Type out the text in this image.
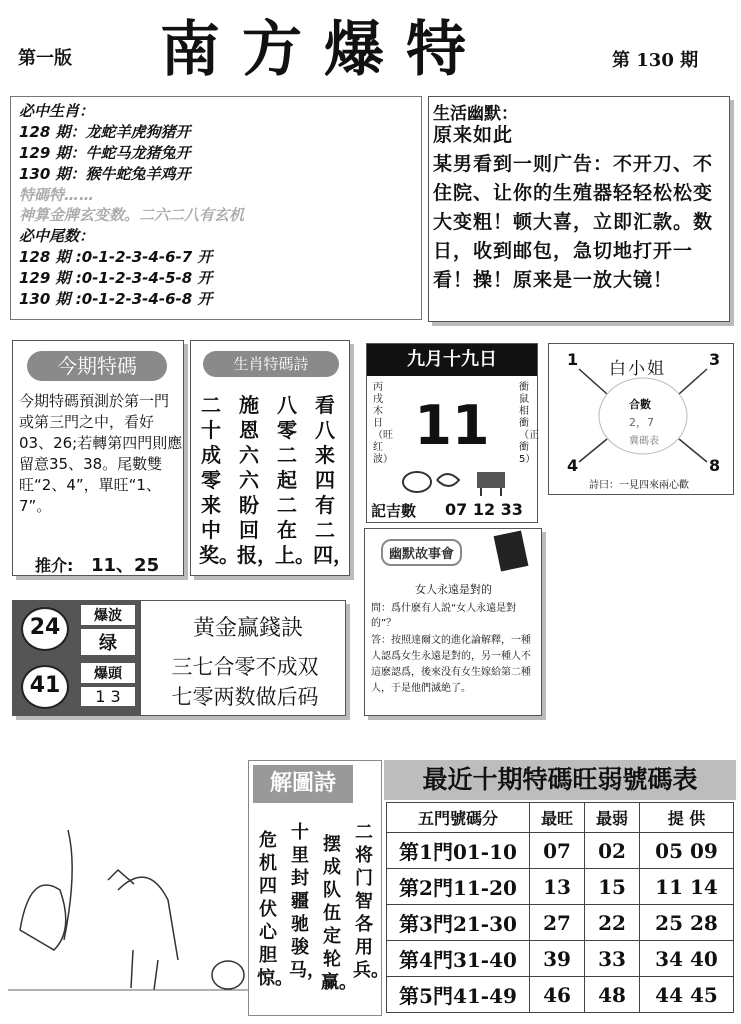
第一版 南方爆特	第 130 期
必中生肖：
128 期：龙蛇羊虎狗猪开
129 期：牛蛇马龙猪兔开
130 期：猴牛蛇兔羊鸡开
特碼特……
神算金牌玄变数。二六二八有玄机
必中尾数：
128 期 :0-1-2-3-4-6-7 开
129 期 :0-1-2-3-4-5-8 开
130 期 :0-1-2-3-4-6-8 开
生活幽默：
原来如此
某男看到一则广告：不开刀、不住院、让你的生殖器轻轻松松变大变粗！顿大喜，立即汇款。数日，收到邮包，急切地打开一看！操！原来是一放大镜！
今期特碼
今期特碼預測於第一門或第三門之中，看好03、26;若轉第四門則應留意35、38。尾數雙旺“2、4”，單旺“1、7”。
推介: 11、25
生肖特碼詩
看八来四有二四，
八零二起二在上。
施恩六六盼回报，
二十成零来中奖。
九月十九日
丙戌木日（旺红波）
11
衝鼠相衝（正衝5）
記吉數 07 12 33
1	3
4	8
白小姐
合數
2，7
冀碼表
詩曰：一見四來兩心歡
幽默故事會
女人永遠是對的
問：爲什麽有人説“女人永遠是對的”？
答：按照達爾文的進化論解釋，一種人認爲女生永遠是對的，另一種人不這麽認爲，後來没有女生嫁給第二種人，于是他們滅絶了。
24	爆波
绿
41	爆頭
1 3
黄金赢錢訣
三七合零不成双
七零两数做后码
解圖詩
二将门智各用兵。
摆成队伍定轮赢。
十里封疆驰骏马，
危机四伏心胆惊。
最近十期特碼旺弱號碼表
五門號碼分	最旺	最弱	提 供
第1門01-10	07	02	05 09
第2門11-20	13	15	11 14
第3門21-30	27	22	25 28
第4門31-40	39	33	34 40
第5門41-49	46	48	44 45
